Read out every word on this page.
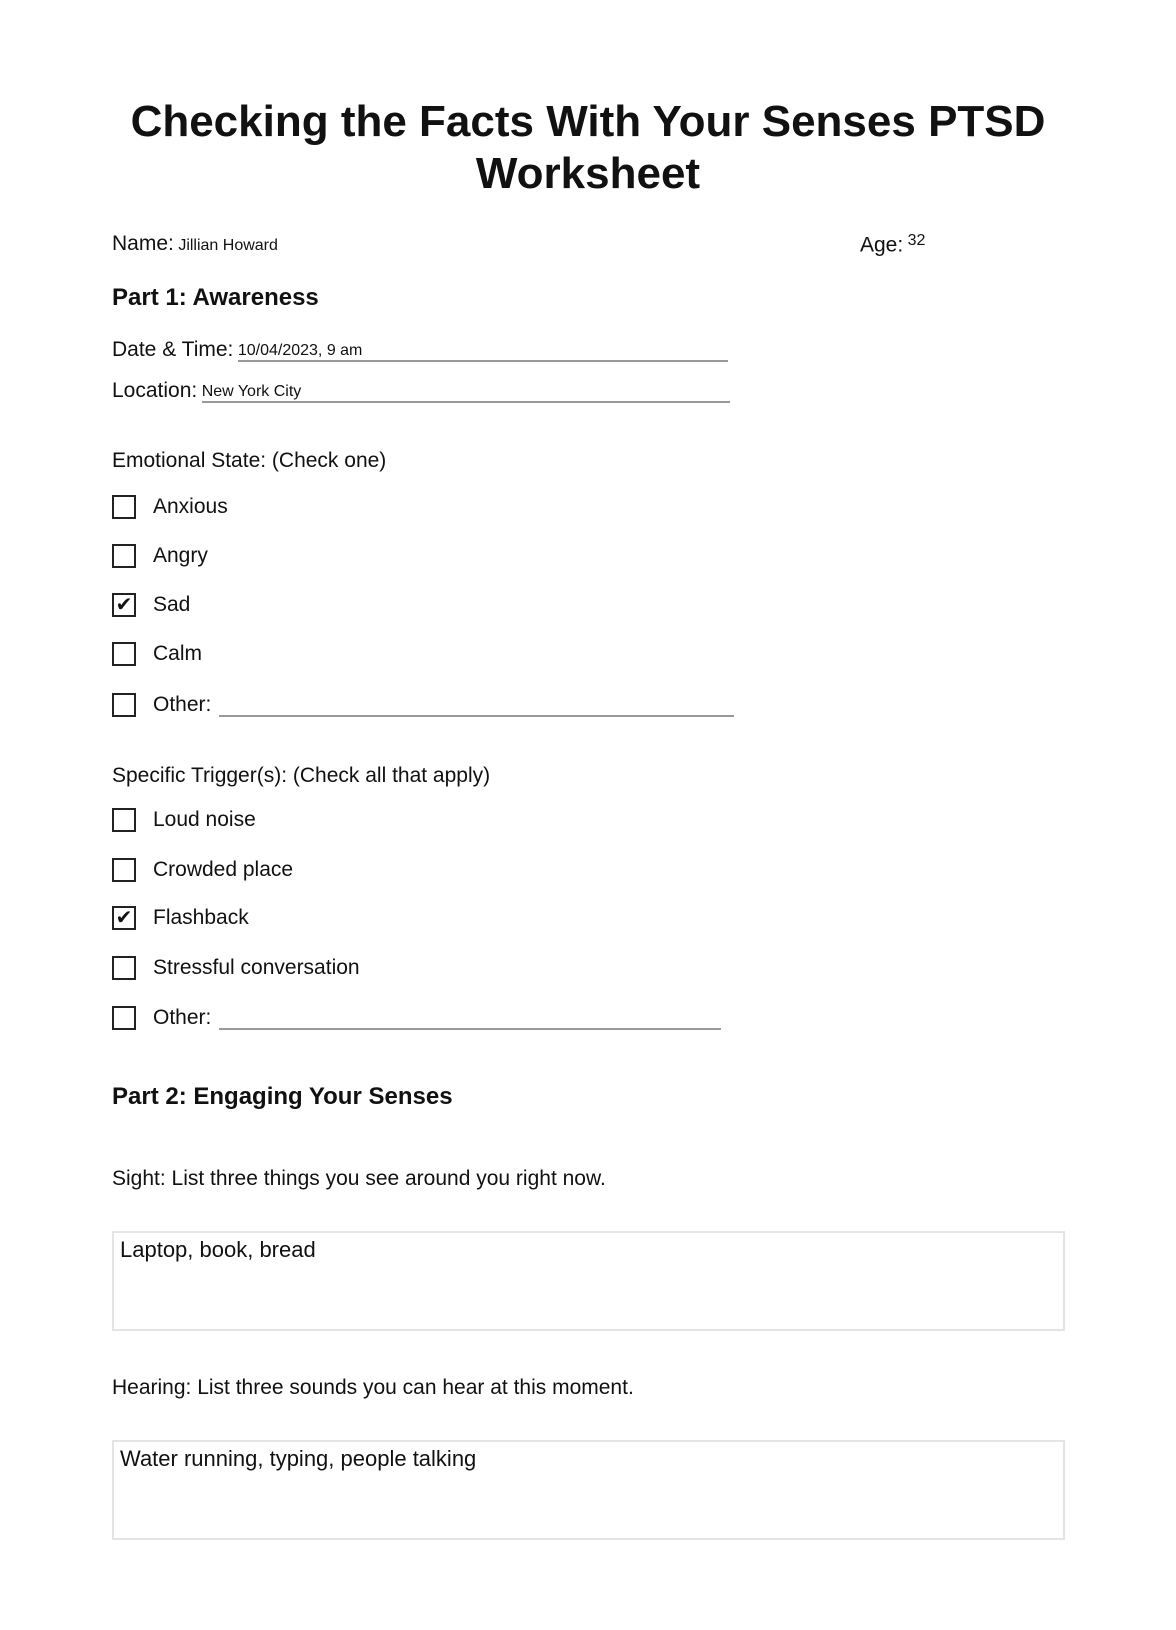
Checking the Facts With Your Senses PTSD Worksheet
Name: Jillian Howard	Age: 32
Part 1: Awareness
Date & Time: 10/04/2023, 9 am
Location: New York City
Emotional State: (Check one)
Anxious
Angry
✔ Sad
Calm
Other:
Specific Trigger(s): (Check all that apply)
Loud noise
Crowded place
✔ Flashback
Stressful conversation
Other:
Part 2: Engaging Your Senses
Sight: List three things you see around you right now.
Laptop, book, bread
Hearing: List three sounds you can hear at this moment.
Water running, typing, people talking
